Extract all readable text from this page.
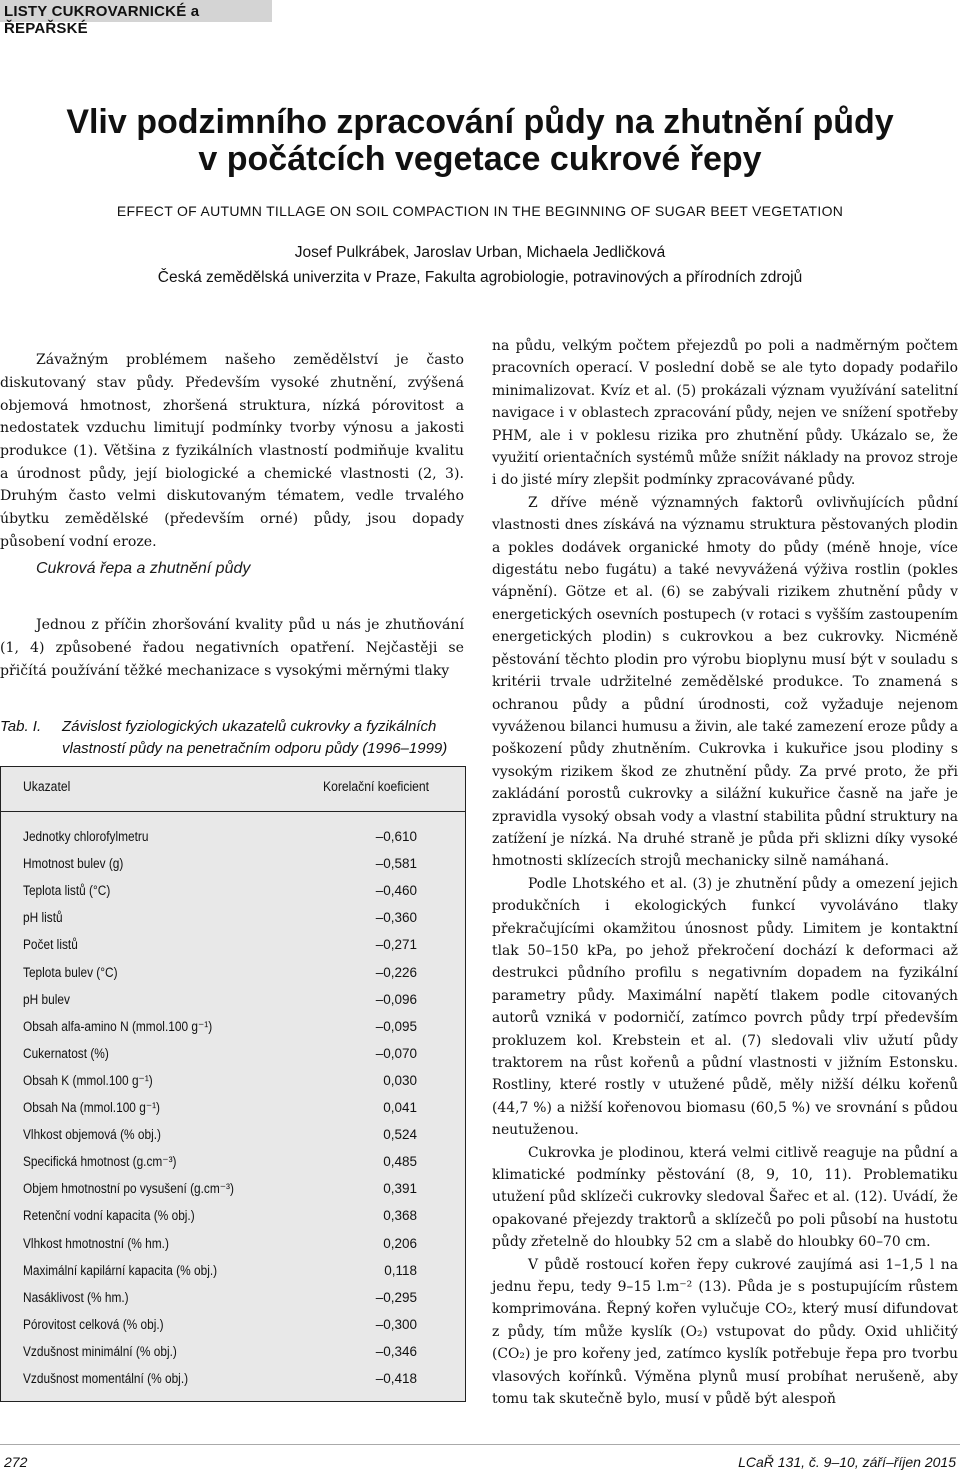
LISTY CUKROVARNICKÉ a ŘEPAŘSKÉ
Vliv podzimního zpracování půdy na zhutnění půdy
v počátcích vegetace cukrové řepy
EFFECT OF AUTUMN TILLAGE ON SOIL COMPACTION IN THE BEGINNING OF SUGAR BEET VEGETATION
Josef Pulkrábek, Jaroslav Urban, Michaela Jedličková
Česká zemědělská univerzita v Praze, Fakulta agrobiologie, potravinových a přírodních zdrojů

Závažným problémem našeho zemědělství je často diskutovaný stav půdy. Především vysoké zhutnění, zvýšená objemová hmotnost, zhoršená struktura, nízká pórovitost a nedostatek vzduchu limitují podmínky tvorby výnosu a jakosti produkce (1). Většina z fyzikálních vlastností podmiňuje kvalitu a úrodnost půdy, její biologické a chemické vlastnosti (2, 3). Druhým často velmi diskutovaným tématem, vedle trvalého úbytku zemědělské (především orné) půdy, jsou dopady působení vodní eroze.

Cukrová řepa a zhutnění půdy

Jednou z příčin zhoršování kvality půd u nás je zhutňování (1, 4) způsobené řadou negativních opatření. Nejčastěji se přičítá používání těžké mechanizace s vysokými měrnými tlaky

Tab. I. Závislost fyziologických ukazatelů cukrovky a fyzikálních vlastností půdy na penetračním odporu půdy (1996–1999)
Ukazatel	Korelační koeficient
Jednotky chlorofylmetru	–0,610
Hmotnost bulev (g)	–0,581
Teplota listů (°C)	–0,460
pH listů	–0,360
Počet listů	–0,271
Teplota bulev (°C)	–0,226
pH bulev	–0,096
Obsah alfa-amino N (mmol.100 g⁻¹)	–0,095
Cukernatost (%)	–0,070
Obsah K (mmol.100 g⁻¹)	0,030
Obsah Na (mmol.100 g⁻¹)	0,041
Vlhkost objemová (% obj.)	0,524
Specifická hmotnost (g.cm⁻³)	0,485
Objem hmotnostní po vysušení (g.cm⁻³)	0,391
Retenční vodní kapacita (% obj.)	0,368
Vlhkost hmotnostní (% hm.)	0,206
Maximální kapilární kapacita (% obj.)	0,118
Nasáklivost (% hm.)	–0,295
Pórovitost celková (% obj.)	–0,300
Vzdušnost minimální (% obj.)	–0,346
Vzdušnost momentální (% obj.)	–0,418

na půdu, velkým počtem přejezdů po poli a nadměrným počtem pracovních operací. V poslední době se ale tyto dopady podařilo minimalizovat. Kvíz et al. (5) prokázali význam využívání satelitní navigace i v oblastech zpracování půdy, nejen ve snížení spotřeby PHM, ale i v poklesu rizika pro zhutnění půdy. Ukázalo se, že využití orientačních systémů může snížit náklady na provoz stroje i do jisté míry zlepšit podmínky zpracovávané půdy.

Z dříve méně významných faktorů ovlivňujících půdní vlastnosti dnes získává na významu struktura pěstovaných plodin a pokles dodávek organické hmoty do půdy (méně hnoje, více digestátu nebo fugátu) a také nevyvážená výživa rostlin (pokles vápnění). Götze et al. (6) se zabývali rizikem zhutnění půdy v energetických osevních postupech (v rotaci s vyšším zastoupením energetických plodin) s cukrovkou a bez cukrovky. Nicméně pěstování těchto plodin pro výrobu bioplynu musí být v souladu s kritérii trvale udržitelné zemědělské produkce. To znamená s ochranou půdy a půdní úrodnosti, což vyžaduje nejenom vyváženou bilanci humusu a živin, ale také zamezení eroze půdy a poškození půdy zhutněním. Cukrovka i kukuřice jsou plodiny s vysokým rizikem škod ze zhutnění půdy. Za prvé proto, že při zakládání porostů cukrovky a silážní kukuřice časně na jaře je zpravidla vysoký obsah vody a vlastní stabilita půdní struktury na zatížení je nízká. Na druhé straně je půda při sklizni díky vysoké hmotnosti sklízecích strojů mechanicky silně namáhaná.

Podle Lhotského et al. (3) je zhutnění půdy a omezení jejich produkčních i ekologických funkcí vyvoláváno tlaky překračujícími okamžitou únosnost půdy. Limitem je kontaktní tlak 50–150 kPa, po jehož překročení dochází k deformaci až destrukci půdního profilu s negativním dopadem na fyzikální parametry půdy. Maximální napětí tlakem podle citovaných autorů vzniká v podorničí, zatímco povrch půdy trpí především prokluzem kol. Krebstein et al. (7) sledovali vliv užutí půdy traktorem na růst kořenů a půdní vlastnosti v jižním Estonsku. Rostliny, které rostly v utužené půdě, měly nižší délku kořenů (44,7 %) a nižší kořenovou biomasu (60,5 %) ve srovnání s půdou neutuženou.

Cukrovka je plodinou, která velmi citlivě reaguje na půdní a klimatické podmínky pěstování (8, 9, 10, 11). Problematiku utužení půd sklízeči cukrovky sledoval Šařec et al. (12). Uvádí, že opakované přejezdy traktorů a sklízečů po poli působí na hustotu půdy zřetelně do hloubky 52 cm a slabě do hloubky 60–70 cm.

V půdě rostoucí kořen řepy cukrové zaujímá asi 1–1,5 l na jednu řepu, tedy 9–15 l.m⁻² (13). Půda je s postupujícím růstem komprimována. Řepný kořen vylučuje CO₂, který musí difundovat z půdy, tím může kyslík (O₂) vstupovat do půdy. Oxid uhličitý (CO₂) je pro kořeny jed, zatímco kyslík potřebuje řepa pro tvorbu vlasových kořínků. Výměna plynů musí probíhat nerušeně, aby tomu tak skutečně bylo, musí v půdě být alespoň

272	LCaŘ 131, č. 9–10, září–říjen 2015
